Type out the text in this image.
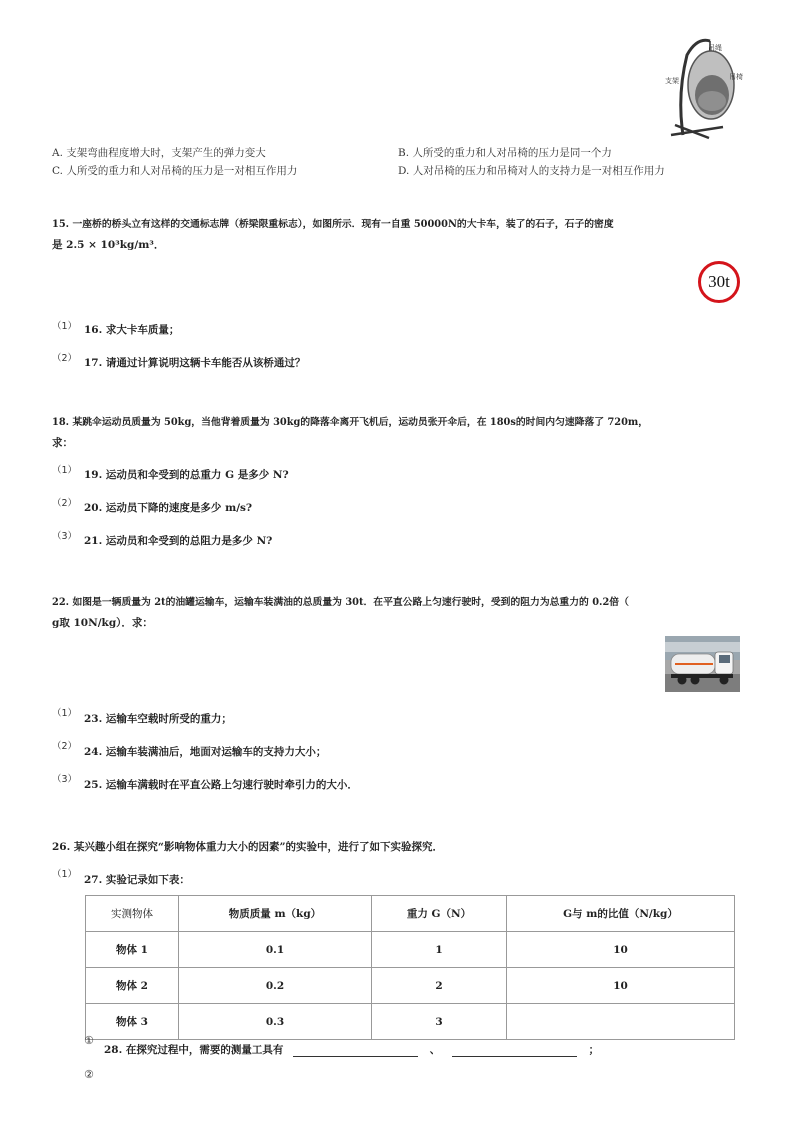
吊绳
支架	吊椅
A. 支架弯曲程度增大时，支架产生的弹力变大	B. 人所受的重力和人对吊椅的压力是同一个力
C. 人所受的重力和人对吊椅的压力是一对相互作用力	D. 人对吊椅的压力和吊椅对人的支持力是一对相互作用力
15. 一座桥的桥头立有这样的交通标志牌（桥梁限重标志），如图所示．现有一自重 50000N的大卡车，装了的石子，石子的密度
是 2.5 × 10³kg/m³．
30t
（1） 16. 求大卡车质量；
（2） 17. 请通过计算说明这辆卡车能否从该桥通过？
18. 某跳伞运动员质量为 50kg，当他背着质量为 30kg的降落伞离开飞机后，运动员张开伞后，在 180s的时间内匀速降落了 720m，
求：
（1） 19. 运动员和伞受到的总重力 G 是多少 N?
（2） 20. 运动员下降的速度是多少 m/s?
（3） 21. 运动员和伞受到的总阻力是多少 N?
22. 如图是一辆质量为 2t的油罐运输车，运输车装满油的总质量为 30t．在平直公路上匀速行驶时，受到的阻力为总重力的 0.2倍（
g取 10N/kg）．求：
（1） 23. 运输车空载时所受的重力；
（2） 24. 运输车装满油后，地面对运输车的支持力大小；
（3） 25. 运输车满载时在平直公路上匀速行驶时牵引力的大小．
26. 某兴趣小组在探究“影响物体重力大小的因素”的实验中，进行了如下实验探究．
（1） 27. 实验记录如下表：
实测物体	物质质量 m（kg）	重力 G（N）	G与 m的比值（N/kg）
物体 1	0.1	1	10
物体 2	0.2	2	10
物体 3	0.3	3	
①
28. 在探究过程中，需要的测量工具有	、	；
②
